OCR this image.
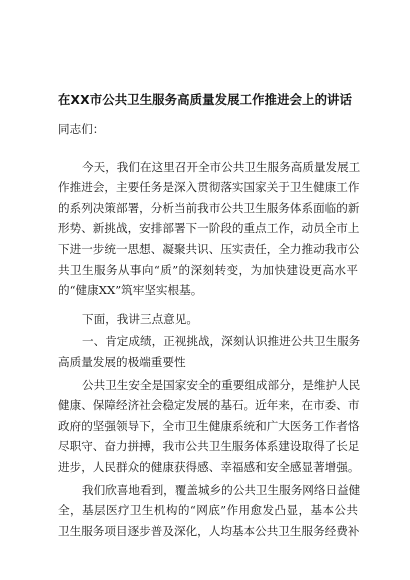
在XX市公共卫生服务高质量发展工作推进会上的讲话
同志们：
今天，我们在这里召开全市公共卫生服务高质量发展工
作推进会，主要任务是深入贯彻落实国家关于卫生健康工作
的系列决策部署，分析当前我市公共卫生服务体系面临的新
形势、新挑战，安排部署下一阶段的重点工作，动员全市上
下进一步统一思想、凝聚共识、压实责任，全力推动我市公
共卫生服务从事向“质”的深刻转变，为加快建设更高水平
的“健康XX”筑牢坚实根基。
下面，我讲三点意见。
一、肯定成绩，正视挑战，深刻认识推进公共卫生服务
高质量发展的极端重要性
公共卫生安全是国家安全的重要组成部分，是维护人民
健康、保障经济社会稳定发展的基石。近年来，在市委、市
政府的坚强领导下，全市卫生健康系统和广大医务工作者恪
尽职守、奋力拼搏，我市公共卫生服务体系建设取得了长足
进步，人民群众的健康获得感、幸福感和安全感显著增强。
我们欣喜地看到，覆盖城乡的公共卫生服务网络日益健
全，基层医疗卫生机构的“网底”作用愈发凸显，基本公共
卫生服务项目逐步普及深化，人均基本公共卫生服务经费补
